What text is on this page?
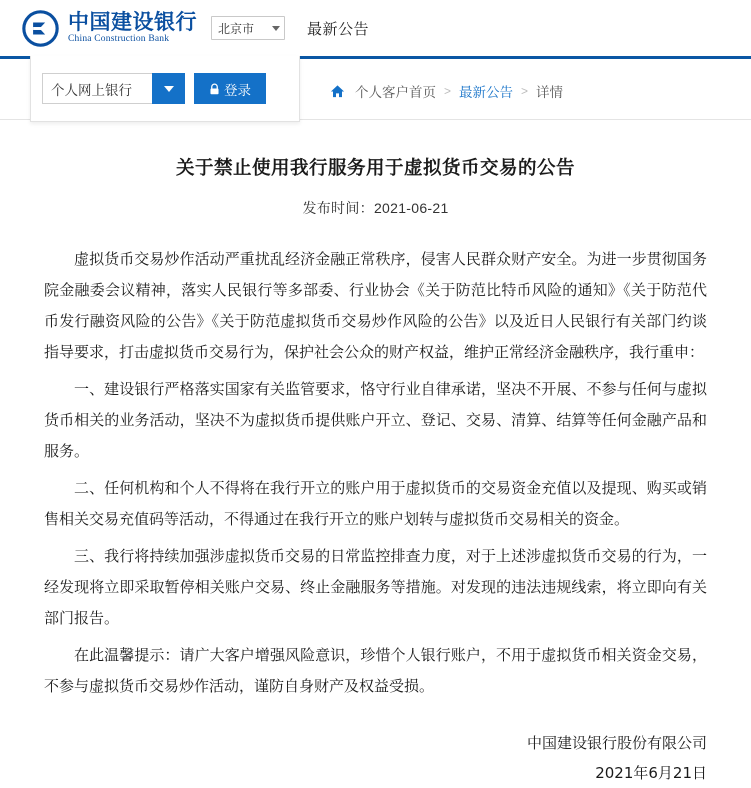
中国建设银行
China Construction Bank
北京市	最新公告
个人网上银行	登录	个人客户首页 > 最新公告 > 详情
关于禁止使用我行服务用于虚拟货币交易的公告
发布时间：2021-06-21

虚拟货币交易炒作活动严重扰乱经济金融正常秩序，侵害人民群众财产安全。为进一步贯彻国务院金融委会议精神，落实人民银行等多部委、行业协会《关于防范比特币风险的通知》《关于防范代币发行融资风险的公告》《关于防范虚拟货币交易炒作风险的公告》以及近日人民银行有关部门约谈指导要求，打击虚拟货币交易行为，保护社会公众的财产权益，维护正常经济金融秩序，我行重申：

一、建设银行严格落实国家有关监管要求，恪守行业自律承诺，坚决不开展、不参与任何与虚拟货币相关的业务活动，坚决不为虚拟货币提供账户开立、登记、交易、清算、结算等任何金融产品和服务。

二、任何机构和个人不得将在我行开立的账户用于虚拟货币的交易资金充值以及提现、购买或销售相关交易充值码等活动，不得通过在我行开立的账户划转与虚拟货币交易相关的资金。

三、我行将持续加强涉虚拟货币交易的日常监控排查力度，对于上述涉虚拟货币交易的行为，一经发现将立即采取暂停相关账户交易、终止金融服务等措施。对发现的违法违规线索，将立即向有关部门报告。

在此温馨提示：请广大客户增强风险意识，珍惜个人银行账户，不用于虚拟货币相关资金交易，不参与虚拟货币交易炒作活动，谨防自身财产及权益受损。

中国建设银行股份有限公司
2021年6月21日
